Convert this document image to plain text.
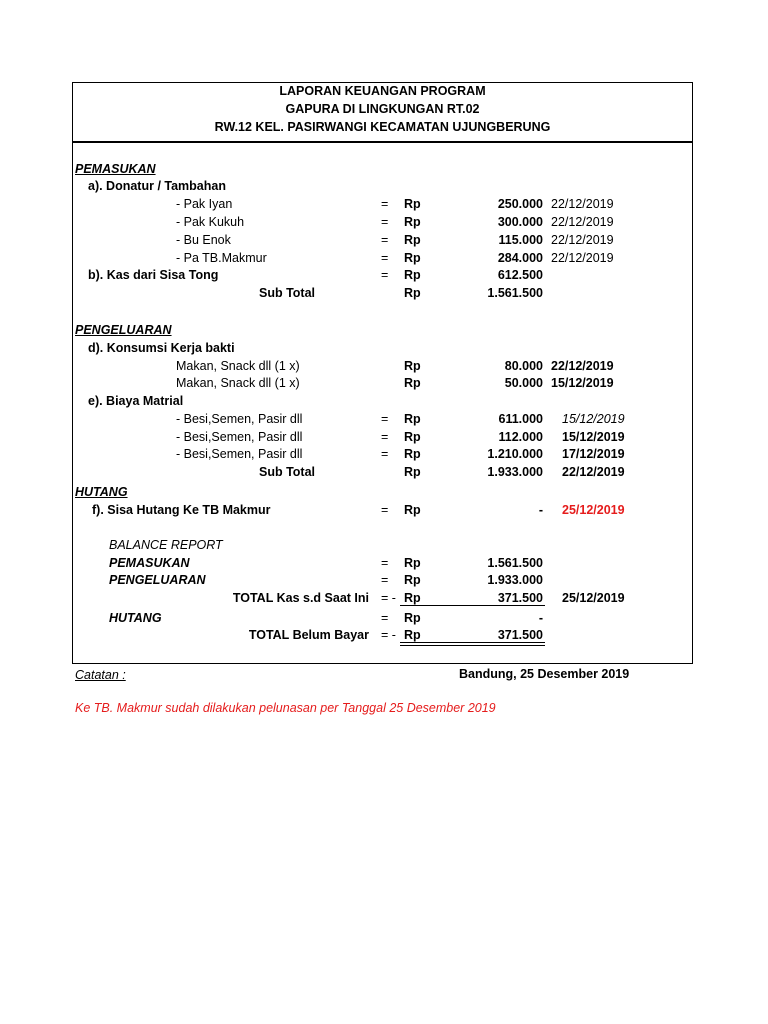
LAPORAN KEUANGAN PROGRAM
GAPURA DI LINGKUNGAN RT.02
RW.12 KEL. PASIRWANGI KECAMATAN UJUNGBERUNG
PEMASUKAN
a). Donatur / Tambahan
- Pak Iyan	= Rp	250.000 22/12/2019
- Pak Kukuh	= Rp	300.000 22/12/2019
- Bu Enok	= Rp	115.000 22/12/2019
- Pa TB.Makmur	= Rp	284.000 22/12/2019
b). Kas dari Sisa Tong	= Rp	612.500
Sub Total	Rp	1.561.500
PENGELUARAN
d). Konsumsi Kerja bakti
Makan, Snack dll (1 x)	Rp	80.000 22/12/2019
Makan, Snack dll (1 x)	Rp	50.000 15/12/2019
e). Biaya Matrial
- Besi,Semen, Pasir dll	= Rp	611.000 15/12/2019
- Besi,Semen, Pasir dll	= Rp	112.000 15/12/2019
- Besi,Semen, Pasir dll	= Rp	1.210.000 17/12/2019
Sub Total	Rp	1.933.000 22/12/2019
HUTANG
f). Sisa Hutang Ke TB Makmur	= Rp	- 25/12/2019
BALANCE REPORT
PEMASUKAN	= Rp	1.561.500
PENGELUARAN	= Rp	1.933.000
TOTAL Kas s.d Saat Ini = - Rp	371.500 25/12/2019
HUTANG	= Rp	-
TOTAL Belum Bayar = - Rp	371.500
Catatan :	Bandung, 25 Desember 2019
Ke TB. Makmur sudah dilakukan pelunasan per Tanggal 25 Desember 2019
